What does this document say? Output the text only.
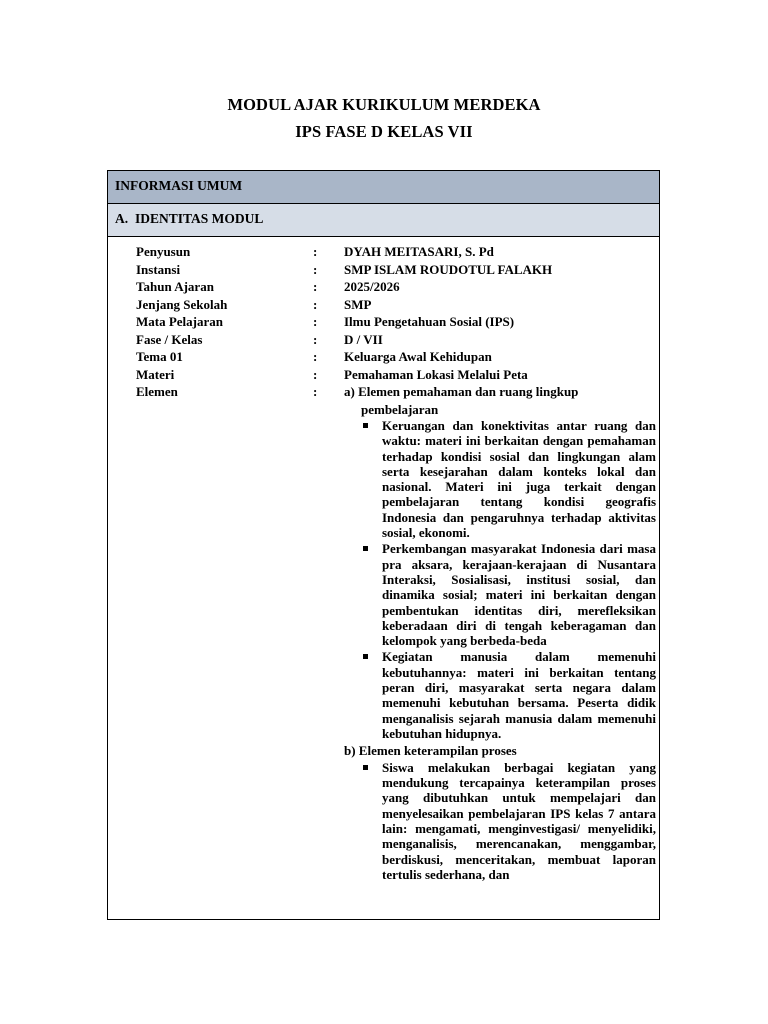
MODUL AJAR KURIKULUM MERDEKA
IPS FASE D KELAS VII
INFORMASI UMUM
A. IDENTITAS MODUL
Penyusun	: DYAH MEITASARI, S. Pd
Instansi	: SMP ISLAM ROUDOTUL FALAKH
Tahun Ajaran	: 2025/2026
Jenjang Sekolah	: SMP
Mata Pelajaran	: Ilmu Pengetahuan Sosial (IPS)
Fase / Kelas	: D / VII
Tema 01	: Keluarga Awal Kehidupan
Materi	: Pemahaman Lokasi Melalui Peta
Elemen	: a) Elemen pemahaman dan ruang lingkup pembelajaran
Keruangan dan konektivitas antar ruang dan waktu: materi ini berkaitan dengan pemahaman terhadap kondisi sosial dan lingkungan alam serta kesejarahan dalam konteks lokal dan nasional. Materi ini juga terkait dengan pembelajaran tentang kondisi geografis Indonesia dan pengaruhnya terhadap aktivitas sosial, ekonomi.
Perkembangan masyarakat Indonesia dari masa pra aksara, kerajaan-kerajaan di Nusantara Interaksi, Sosialisasi, institusi sosial, dan dinamika sosial; materi ini berkaitan dengan pembentukan identitas diri, merefleksikan keberadaan diri di tengah keberagaman dan kelompok yang berbeda-beda
Kegiatan manusia dalam memenuhi kebutuhannya: materi ini berkaitan tentang peran diri, masyarakat serta negara dalam memenuhi kebutuhan bersama. Peserta didik menganalisis sejarah manusia dalam memenuhi kebutuhan hidupnya.
b) Elemen keterampilan proses
Siswa melakukan berbagai kegiatan yang mendukung tercapainya keterampilan proses yang dibutuhkan untuk mempelajari dan menyelesaikan pembelajaran IPS kelas 7 antara lain: mengamati, menginvestigasi/ menyelidiki, menganalisis, merencanakan, menggambar, berdiskusi, menceritakan, membuat laporan tertulis sederhana, dan
